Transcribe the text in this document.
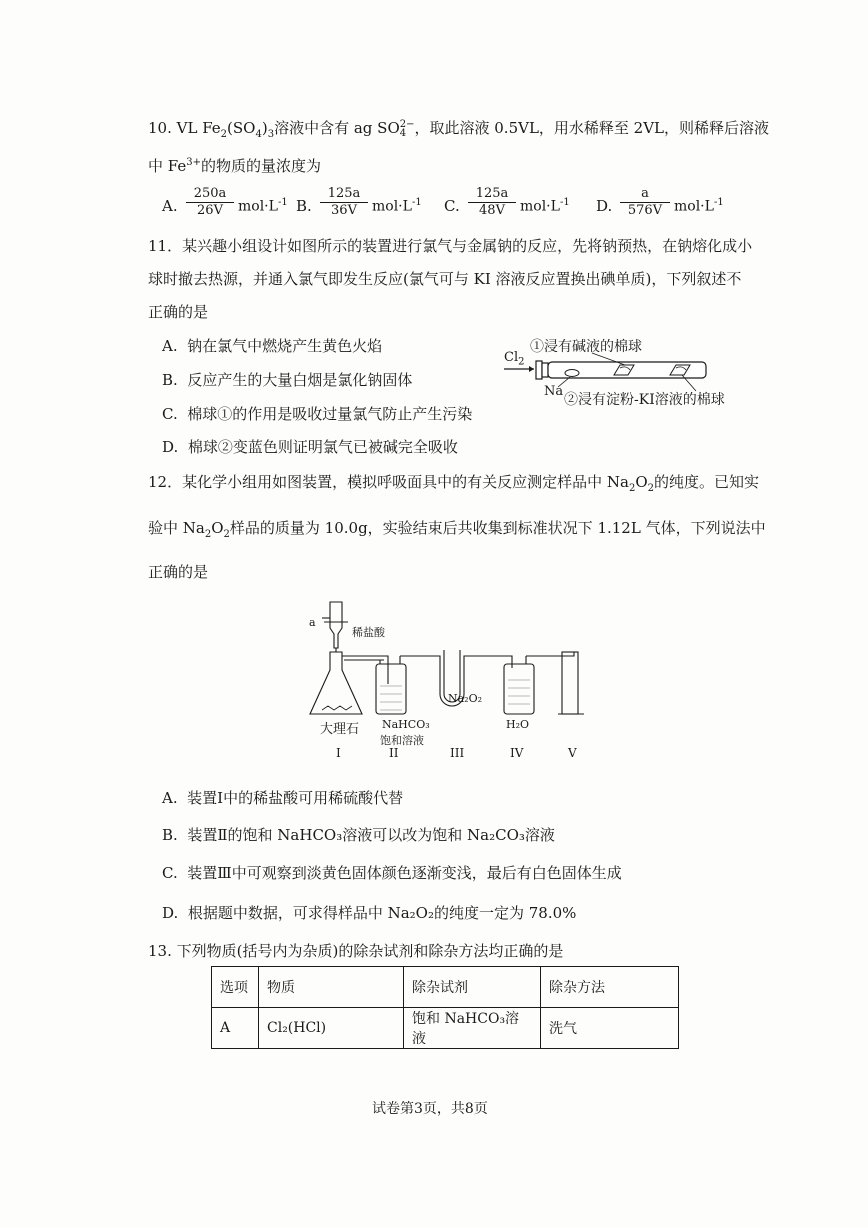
10. VL $Fe_2(SO_4)_3$溶液中含有 ag SO 2−
4 ，取此溶液 0.5VL，用水稀释至 2VL，则稀释后溶液
中 $Fe^{3+}$的物质的量浓度为
A. $\frac{250a}{26V} mol\cdot L^{-1}$ B. $\frac{125a}{36V} mol\cdot L^{-1}$ C. $\frac{125a}{48V} mol\cdot L^{-1}$ D. $\frac{a}{576V} mol\cdot L^{-1}$
11．某兴趣小组设计如图所示的装置进行氯气与金属钠的反应，先将钠预热，在钠熔化成小
球时撤去热源，并通入氯气即发生反应(氯气可与 KI 溶液反应置换出碘单质)，下列叙述不
正确的是
A. 钠在氯气中燃烧产生黄色火焰
B. 反应产生的大量白烟是氯化钠固体
C. 棉球①的作用是吸收过量氯气防止产生污染
D. 棉球②变蓝色则证明氯气已被碱完全吸收
①浸有碱液的棉球
$Cl_2$
Na
②浸有淀粉-KI溶液的棉球
12．某化学小组用如图装置，模拟呼吸面具中的有关反应测定样品中 $Na_2O_2$的纯度。已知实
验中 $Na_2O_2$样品的质量为 10.0g，实验结束后共收集到标准状况下 1.12L 气体，下列说法中
正确的是
a
稀盐酸
大理石 NaHCO₃
饱和溶液
Na₂O₂
H₂O
I	II	III	IV	V
A. 装置Ⅰ中的稀盐酸可用稀硫酸代替
B. 装置Ⅱ的饱和 NaHCO₃溶液可以改为饱和 Na₂CO₃溶液
C. 装置Ⅲ中可观察到淡黄色固体颜色逐渐变浅，最后有白色固体生成
D. 根据题中数据，可求得样品中 Na₂O₂的纯度一定为 78.0%
13. 下列物质(括号内为杂质)的除杂试剂和除杂方法均正确的是
选项	物质	除杂试剂	除杂方法
A	Cl₂(HCl)	饱和 NaHCO₃溶液	洗气
试卷第3页，共8页
